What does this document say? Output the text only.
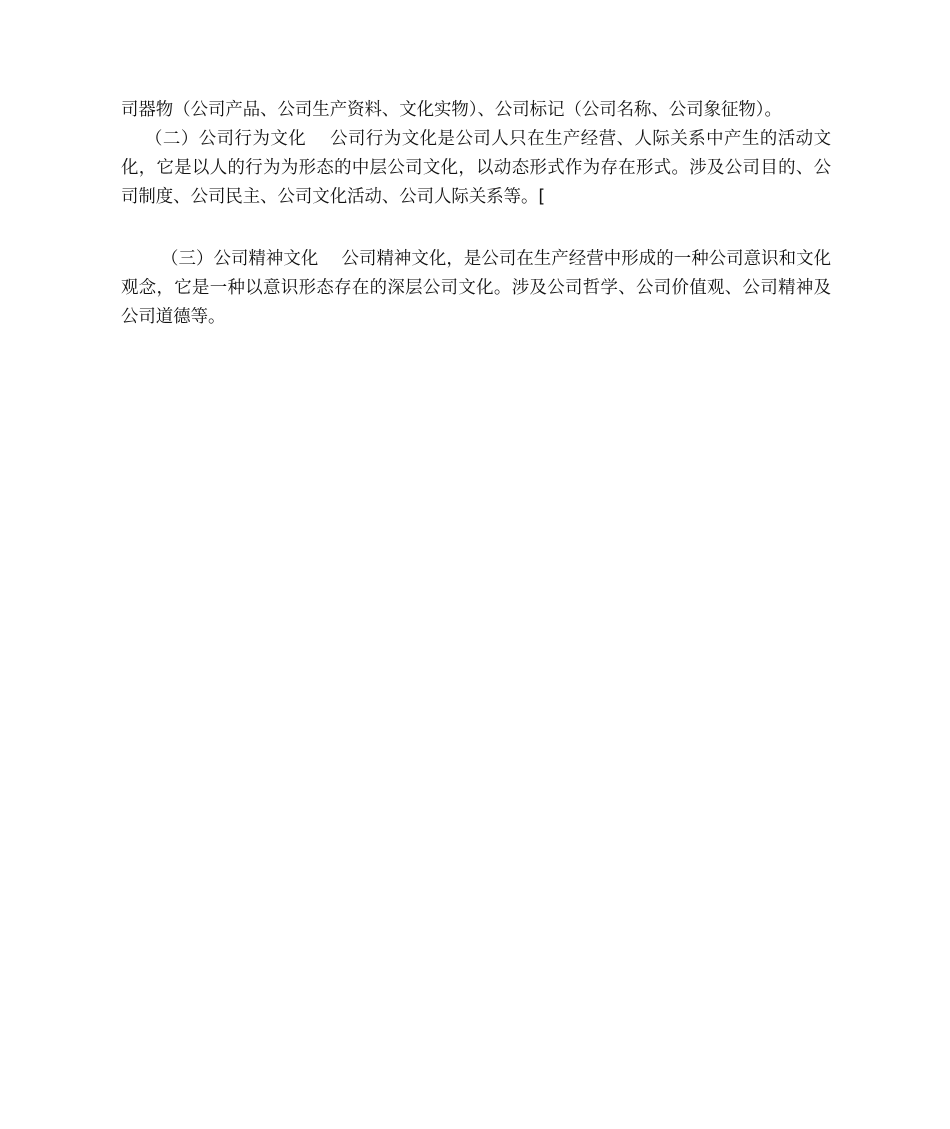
司器物（公司产品、公司生产资料、文化实物）、公司标记（公司名称、公司象征物）。

（二）公司行为文化　 公司行为文化是公司人只在生产经营、人际关系中产生的活动文化，它是以人的行为为形态的中层公司文化，以动态形式作为存在形式。涉及公司目的、公司制度、公司民主、公司文化活动、公司人际关系等。[

（三）公司精神文化　 公司精神文化，是公司在生产经营中形成的一种公司意识和文化观念，它是一种以意识形态存在的深层公司文化。涉及公司哲学、公司价值观、公司精神及公司道德等。
